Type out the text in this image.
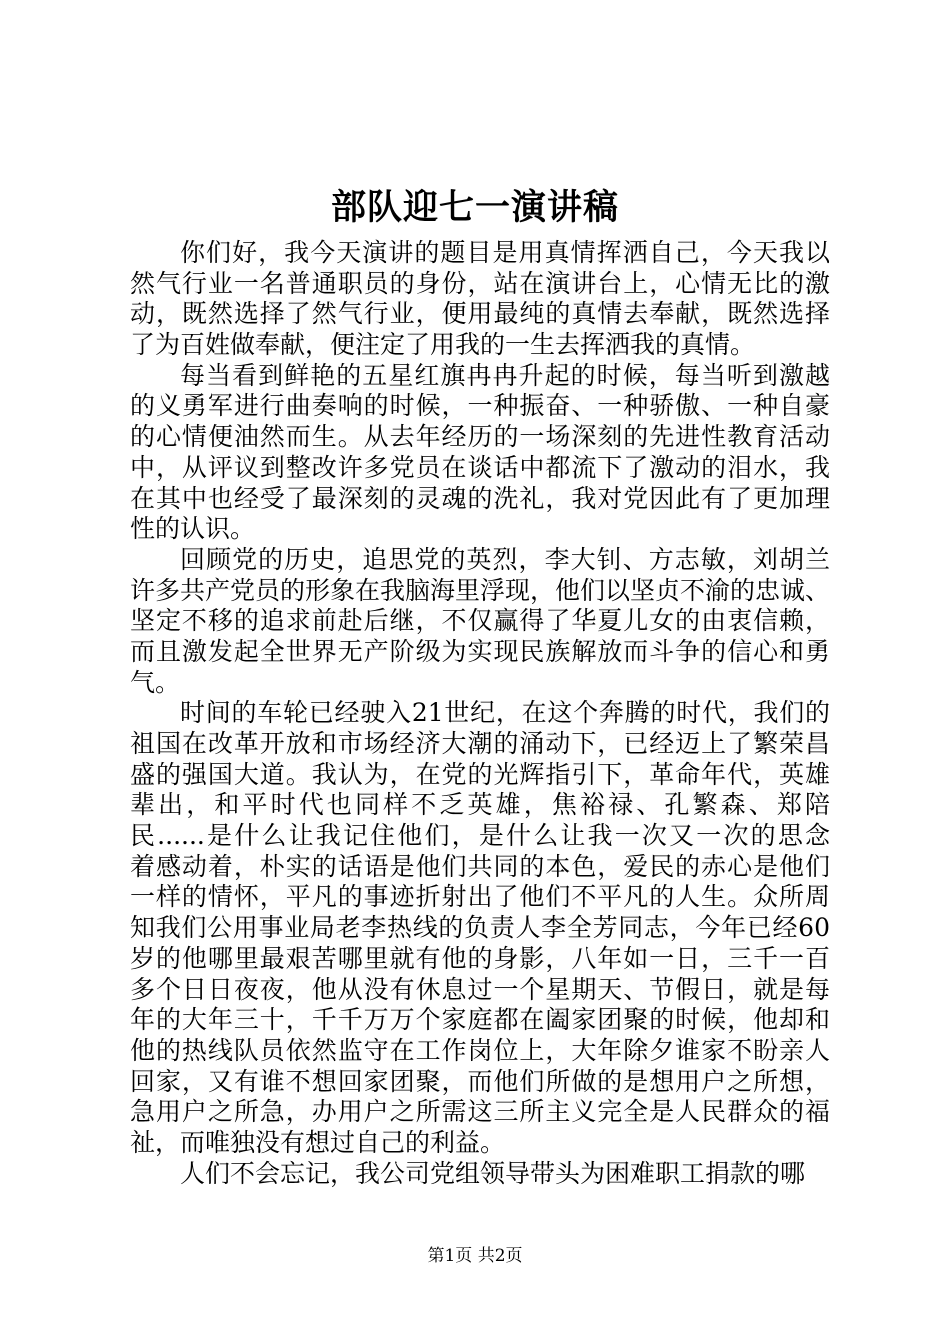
部队迎七一演讲稿
你们好，我今天演讲的题目是用真情挥洒自己，今天我以
然气行业一名普通职员的身份，站在演讲台上，心情无比的激
动，既然选择了然气行业，便用最纯的真情去奉献，既然选择
了为百姓做奉献，便注定了用我的一生去挥洒我的真情。
每当看到鲜艳的五星红旗冉冉升起的时候，每当听到激越
的义勇军进行曲奏响的时候，一种振奋、一种骄傲、一种自豪
的心情便油然而生。从去年经历的一场深刻的先进性教育活动
中，从评议到整改许多党员在谈话中都流下了激动的泪水，我
在其中也经受了最深刻的灵魂的洗礼，我对党因此有了更加理
性的认识。
回顾党的历史，追思党的英烈，李大钊、方志敏，刘胡兰
许多共产党员的形象在我脑海里浮现，他们以坚贞不渝的忠诚、
坚定不移的追求前赴后继，不仅赢得了华夏儿女的由衷信赖，
而且激发起全世界无产阶级为实现民族解放而斗争的信心和勇
气。
时间的车轮已经驶入21世纪，在这个奔腾的时代，我们的
祖国在改革开放和市场经济大潮的涌动下，已经迈上了繁荣昌
盛的强国大道。我认为，在党的光辉指引下，革命年代，英雄
辈出，和平时代也同样不乏英雄，焦裕禄、孔繁森、郑陪
民......是什么让我记住他们，是什么让我一次又一次的思念
着感动着，朴实的话语是他们共同的本色，爱民的赤心是他们
一样的情怀，平凡的事迹折射出了他们不平凡的人生。众所周
知我们公用事业局老李热线的负责人李全芳同志，今年已经60
岁的他哪里最艰苦哪里就有他的身影，八年如一日，三千一百
多个日日夜夜，他从没有休息过一个星期天、节假日，就是每
年的大年三十，千千万万个家庭都在阖家团聚的时候，他却和
他的热线队员依然监守在工作岗位上，大年除夕谁家不盼亲人
回家，又有谁不想回家团聚，而他们所做的是想用户之所想，
急用户之所急，办用户之所需这三所主义完全是人民群众的福
祉，而唯独没有想过自己的利益。
人们不会忘记，我公司党组领导带头为困难职工捐款的哪
第1页 共2页
